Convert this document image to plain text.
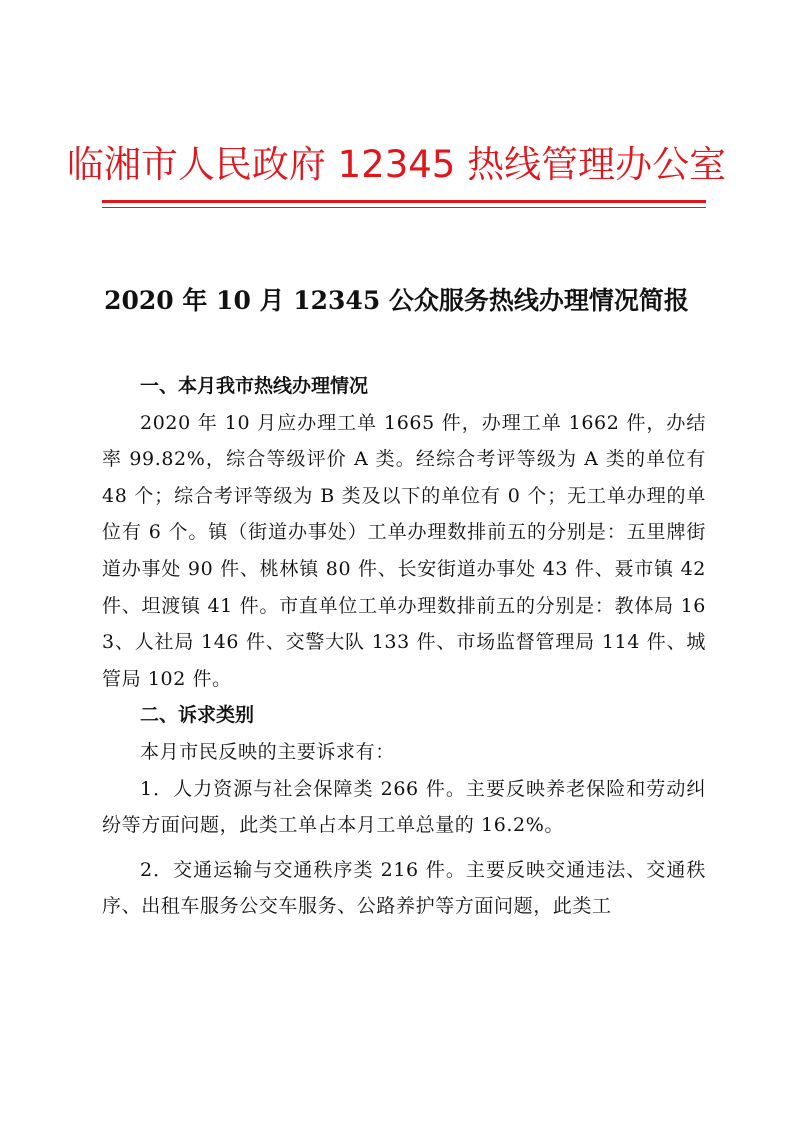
临湘市人民政府 12345 热线管理办公室
2020 年 10 月 12345 公众服务热线办理情况简报
一、本月我市热线办理情况

2020 年 10 月应办理工单 1665 件，办理工单 1662 件，办结率 99.82%，综合等级评价 A 类。经综合考评等级为 A 类的单位有 48 个；综合考评等级为 B 类及以下的单位有 0 个；无工单办理的单位有 6 个。镇（街道办事处）工单办理数排前五的分别是：五里牌街道办事处 90 件、桃林镇 80 件、长安街道办事处 43 件、聂市镇 42 件、坦渡镇 41 件。市直单位工单办理数排前五的分别是：教体局 163、人社局 146 件、交警大队 133 件、市场监督管理局 114 件、城管局 102 件。

二、诉求类别

本月市民反映的主要诉求有：

1．人力资源与社会保障类 266 件。主要反映养老保险和劳动纠纷等方面问题，此类工单占本月工单总量的 16.2%。

2．交通运输与交通秩序类 216 件。主要反映交通违法、交通秩序、出租车服务公交车服务、公路养护等方面问题，此类工
